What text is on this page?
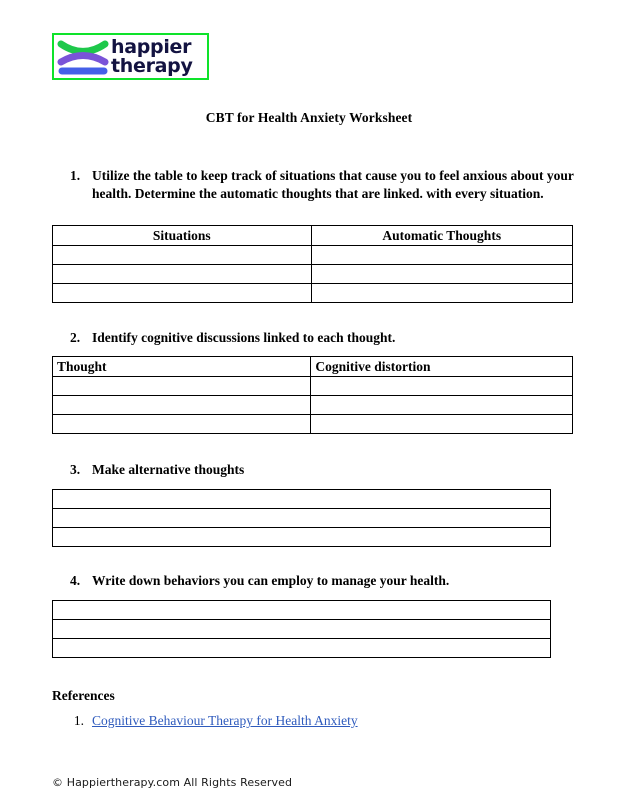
happier
therapy
CBT for Health Anxiety Worksheet
1. Utilize the table to keep track of situations that cause you to feel anxious about your health. Determine the automatic thoughts that are linked. with every situation.
Situations	Automatic Thoughts

2. Identify cognitive discussions linked to each thought.
Thought	Cognitive distortion

3. Make alternative thoughts

4. Write down behaviors you can employ to manage your health.

References
1. Cognitive Behaviour Therapy for Health Anxiety
© Happiertherapy.com All Rights Reserved
